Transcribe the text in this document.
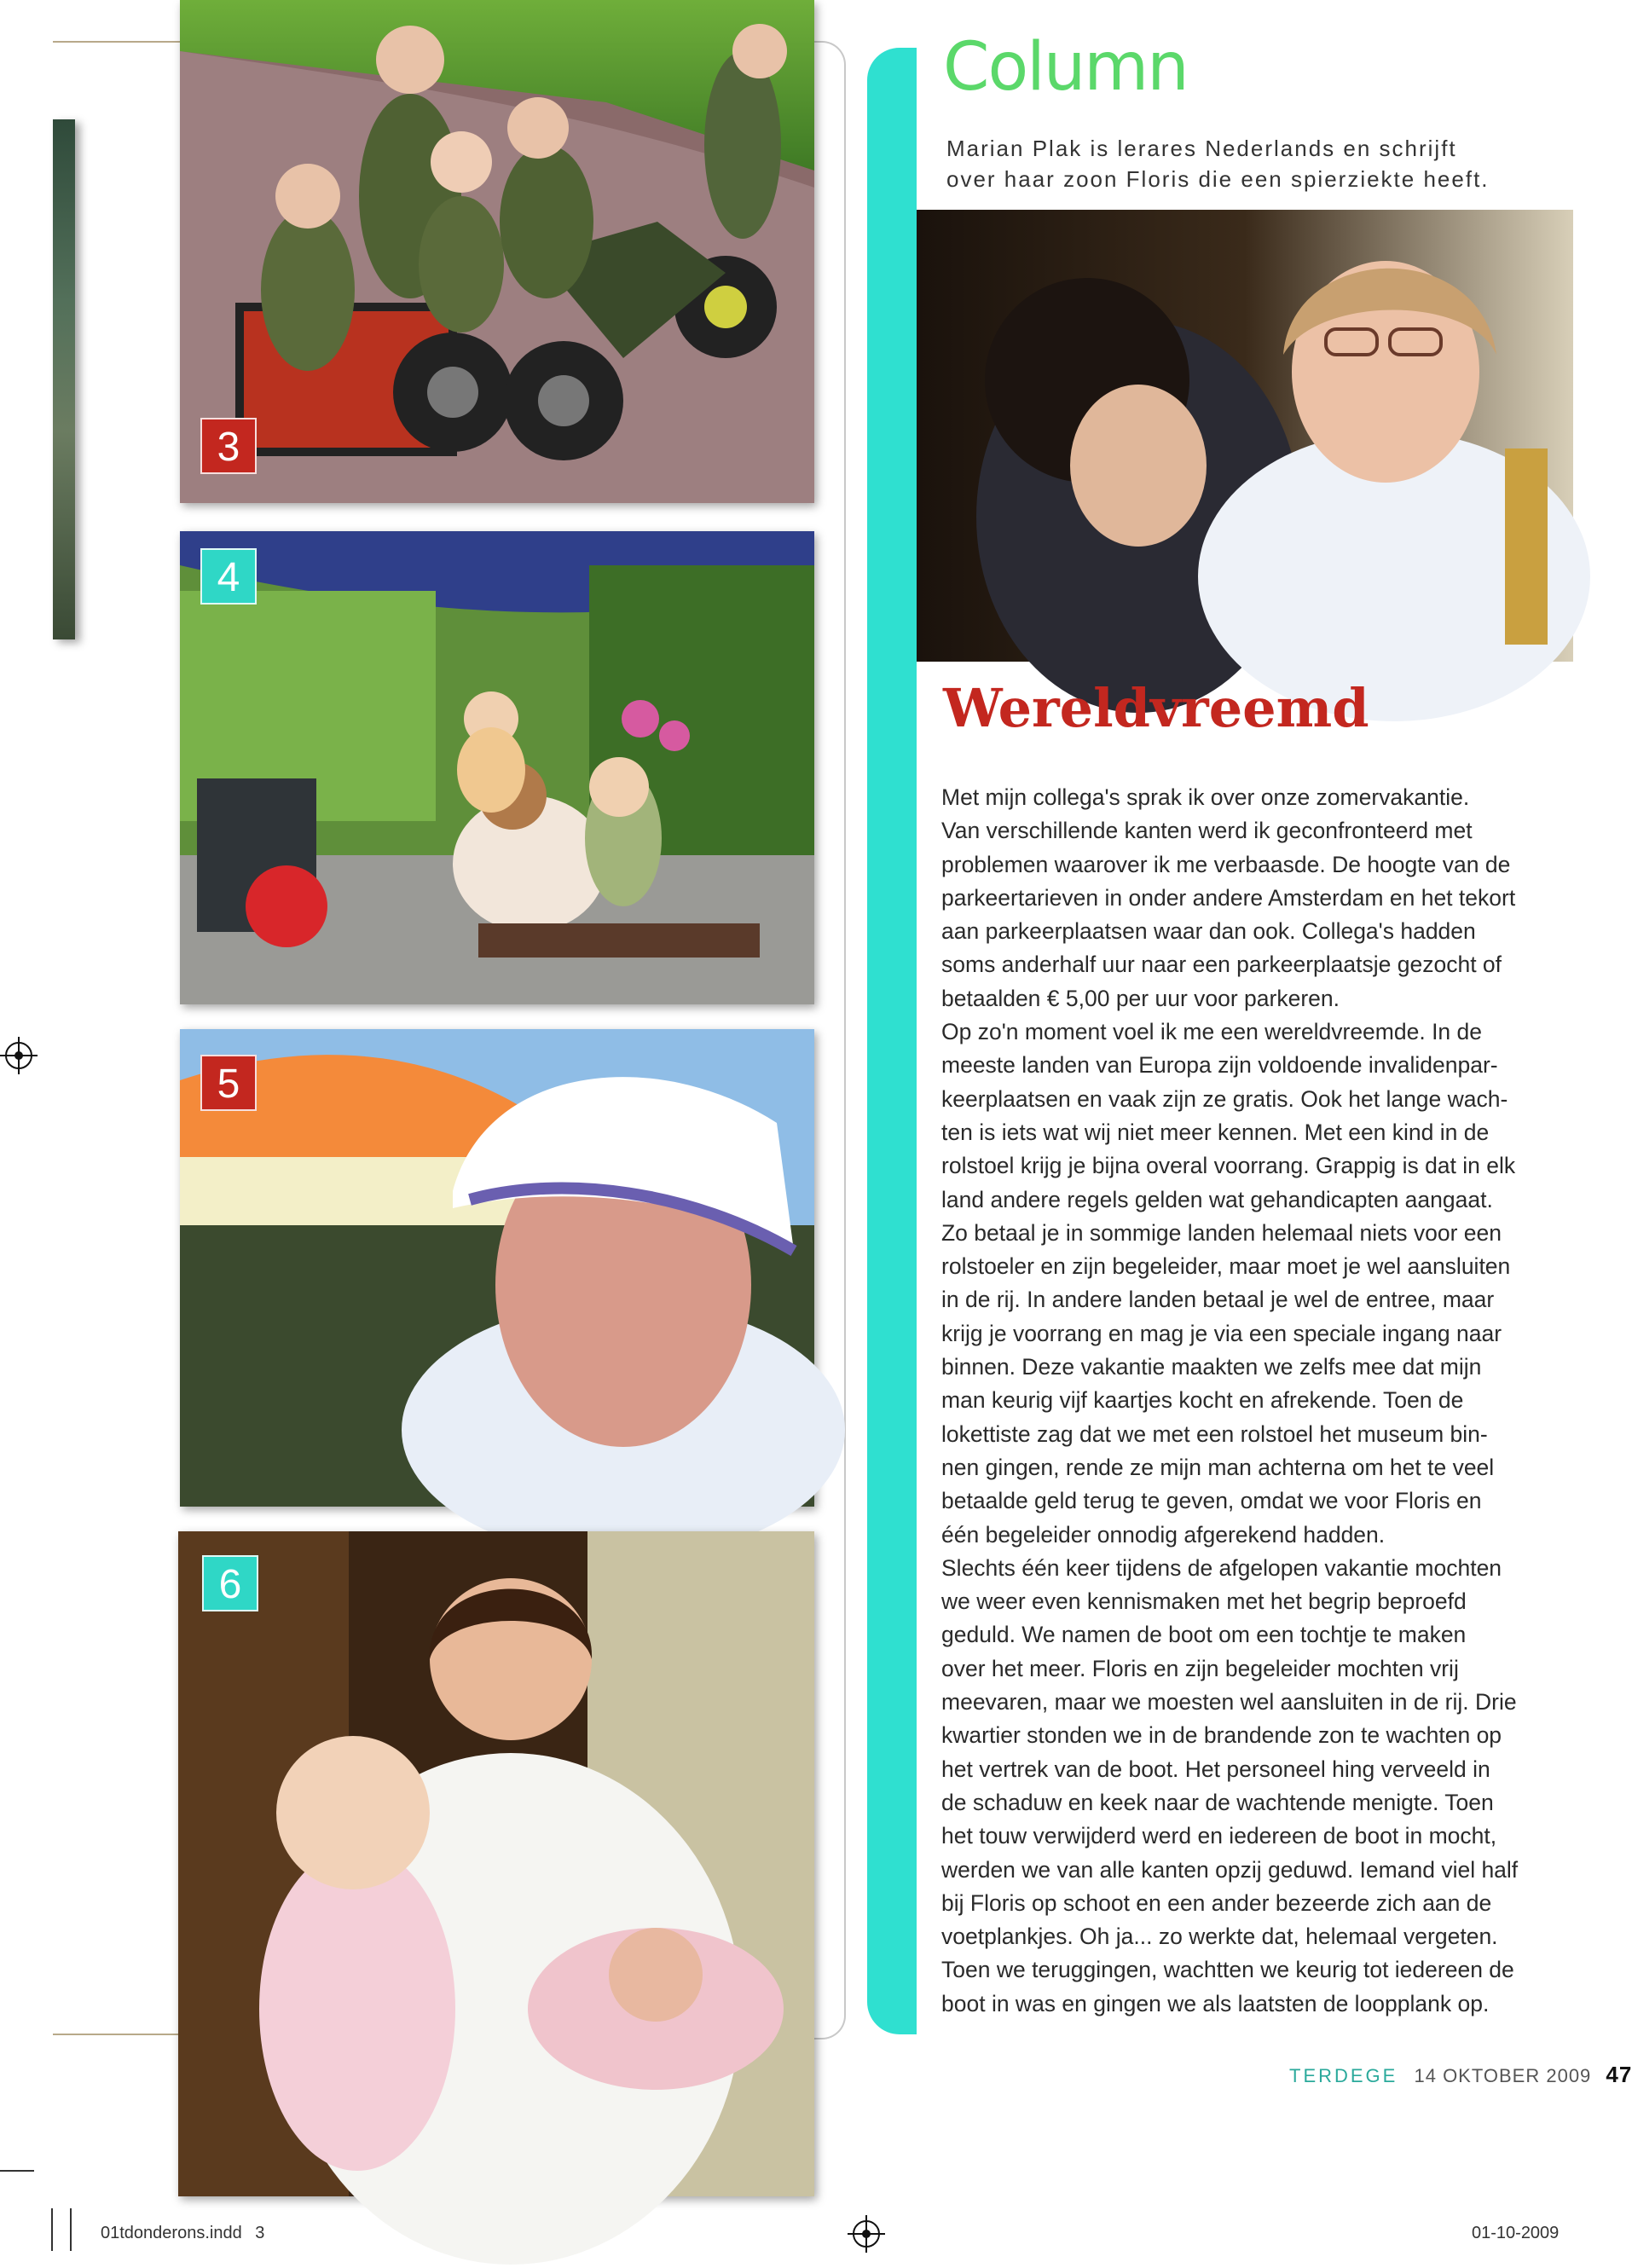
3
4
5
6
Column
Marian Plak is lerares Nederlands en schrijft
over haar zoon Floris die een spierziekte heeft.
Wereldvreemd
Met mijn collega's sprak ik over onze zomervakantie.
Van verschillende kanten werd ik geconfronteerd met
problemen waarover ik me verbaasde. De hoogte van de
parkeertarieven in onder andere Amsterdam en het tekort
aan parkeerplaatsen waar dan ook. Collega's hadden
soms anderhalf uur naar een parkeerplaatsje gezocht of
betaalden € 5,00 per uur voor parkeren.
Op zo'n moment voel ik me een wereldvreemde. In de
meeste landen van Europa zijn voldoende invalidenpar-
keerplaatsen en vaak zijn ze gratis. Ook het lange wach-
ten is iets wat wij niet meer kennen. Met een kind in de
rolstoel krijg je bijna overal voorrang. Grappig is dat in elk
land andere regels gelden wat gehandicapten aangaat.
Zo betaal je in sommige landen helemaal niets voor een
rolstoeler en zijn begeleider, maar moet je wel aansluiten
in de rij. In andere landen betaal je wel de entree, maar
krijg je voorrang en mag je via een speciale ingang naar
binnen. Deze vakantie maakten we zelfs mee dat mijn
man keurig vijf kaartjes kocht en afrekende. Toen de
lokettiste zag dat we met een rolstoel het museum bin-
nen gingen, rende ze mijn man achterna om het te veel
betaalde geld terug te geven, omdat we voor Floris en
één begeleider onnodig afgerekend hadden.
Slechts één keer tijdens de afgelopen vakantie mochten
we weer even kennismaken met het begrip beproefd
geduld. We namen de boot om een tochtje te maken
over het meer. Floris en zijn begeleider mochten vrij
meevaren, maar we moesten wel aansluiten in de rij. Drie
kwartier stonden we in de brandende zon te wachten op
het vertrek van de boot. Het personeel hing verveeld in
de schaduw en keek naar de wachtende menigte. Toen
het touw verwijderd werd en iedereen de boot in mocht,
werden we van alle kanten opzij geduwd. Iemand viel half
bij Floris op schoot en een ander bezeerde zich aan de
voetplankjes. Oh ja... zo werkte dat, helemaal vergeten.
Toen we teruggingen, wachtten we keurig tot iedereen de
boot in was en gingen we als laatsten de loopplank op.
TERDEGE 14 OKTOBER 2009 47
01tdonderons.indd 3	01-10-2009
